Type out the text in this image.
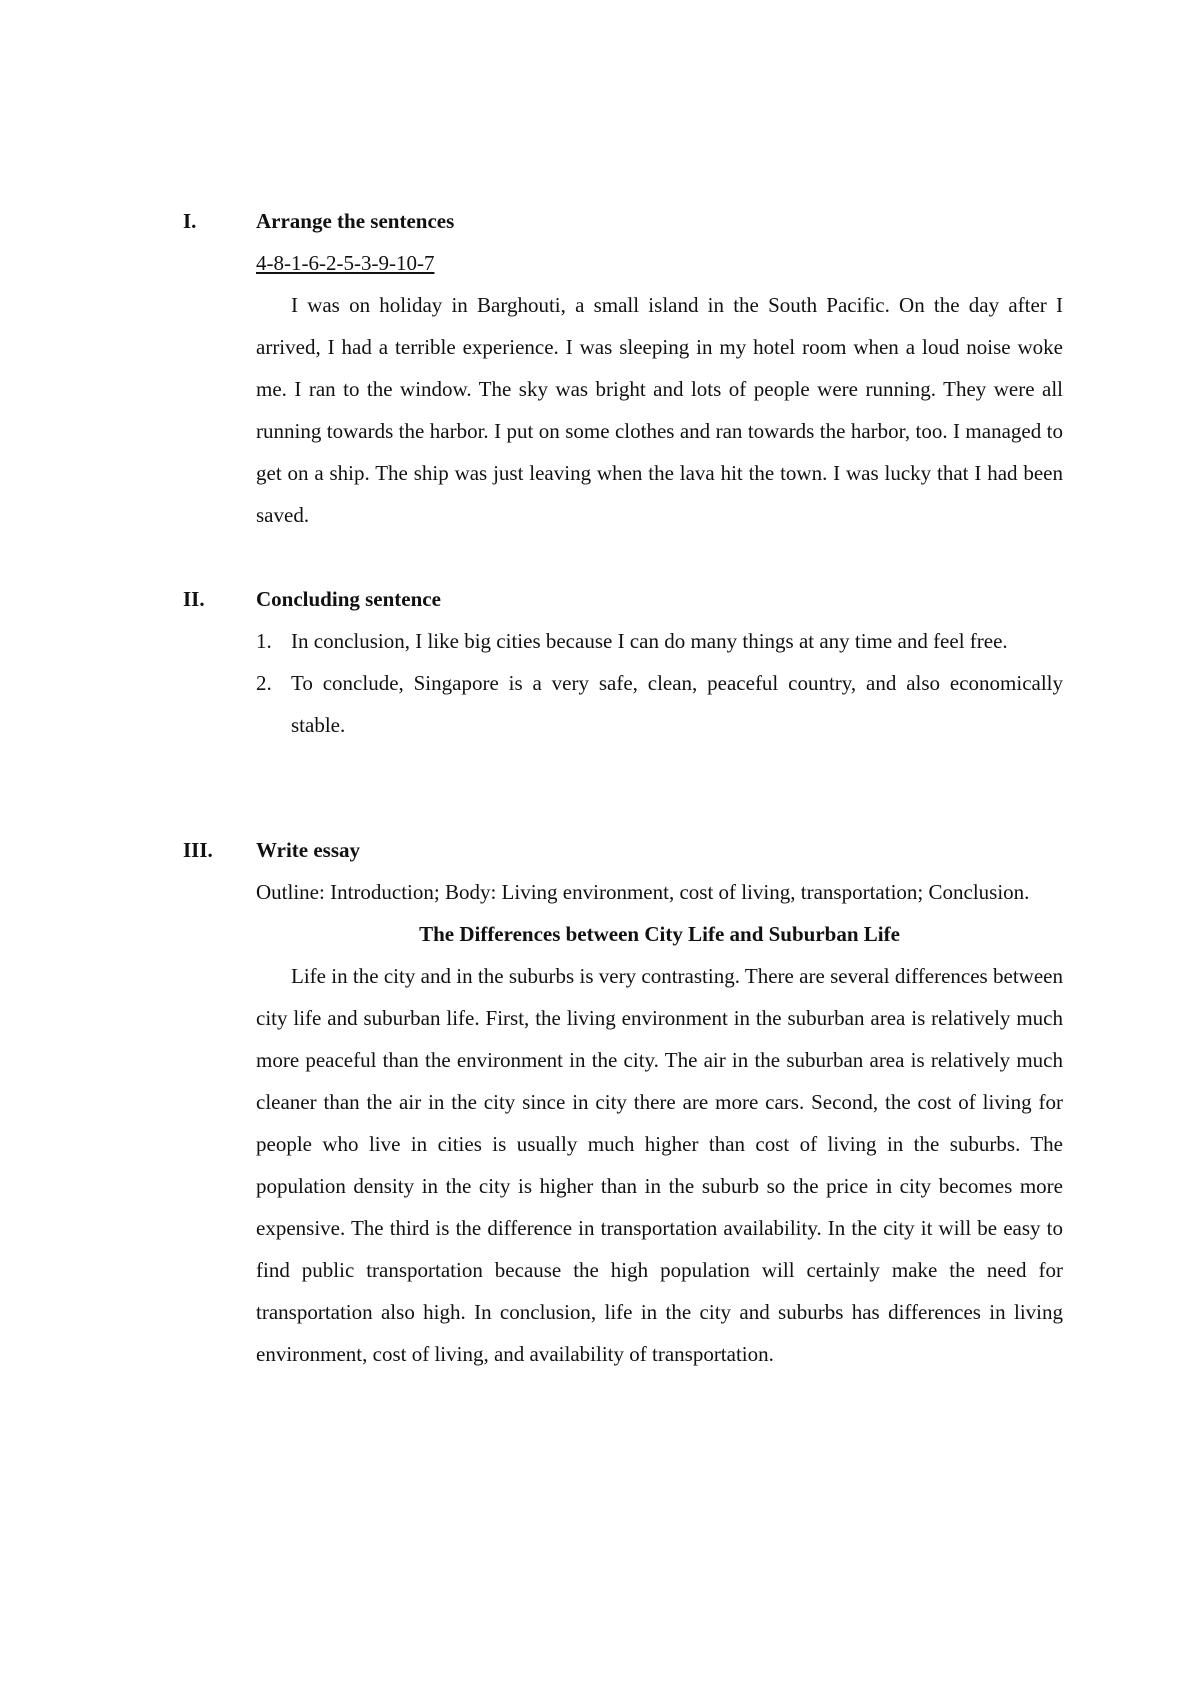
I.	Arrange the sentences

4-8-1-6-2-5-3-9-10-7

I was on holiday in Barghouti, a small island in the South Pacific. On the day after I arrived, I had a terrible experience. I was sleeping in my hotel room when a loud noise woke me. I ran to the window. The sky was bright and lots of people were running. They were all running towards the harbor. I put on some clothes and ran towards the harbor, too. I managed to get on a ship. The ship was just leaving when the lava hit the town. I was lucky that I had been saved.

II. Concluding sentence

1. In conclusion, I like big cities because I can do many things at any time and feel free.
2. To conclude, Singapore is a very safe, clean, peaceful country, and also economically stable.
III. Write essay

Outline: Introduction; Body: Living environment, cost of living, transportation; Conclusion.

The Differences between City Life and Suburban Life

Life in the city and in the suburbs is very contrasting. There are several differences between city life and suburban life. First, the living environment in the suburban area is relatively much more peaceful than the environment in the city. The air in the suburban area is relatively much cleaner than the air in the city since in city there are more cars. Second, the cost of living for people who live in cities is usually much higher than cost of living in the suburbs. The population density in the city is higher than in the suburb so the price in city becomes more expensive. The third is the difference in transportation availability. In the city it will be easy to find public transportation because the high population will certainly make the need for transportation also high. In conclusion, life in the city and suburbs has differences in living environment, cost of living, and availability of transportation.
